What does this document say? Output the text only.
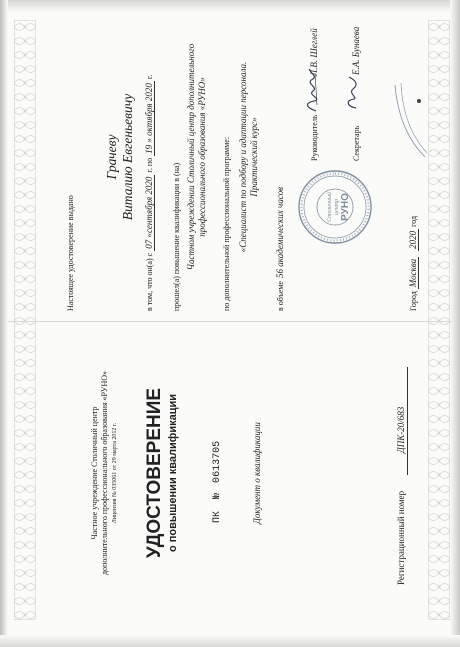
Частное учреждение Столичный центр дополнительного профессионального образования «РУНО» Лицензия № 035061 от 29 марта 2012 г. УДОСТОВЕРЕНИЕ о повышении квалификации	ПК № 0613705	Документ о квалификации
Регистрационный номер
ДПК-20/683
Настоящее удостоверение выдано
Грачеву Виталию Евгеньевичу
в том, что он(а) с 07 «сентября 2020 г. по 19 » октября 2020 г.
прошел(а) повышение квалификации в (на) Частном учреждении Столичный центр дополнительного профессионального образования «РУНО» по дополнительной профессиональной программе: «Специалист по подбору и адаптации персонала. Практический курс»
в объеме
56 академических часов	Столичный центр РУНО
Руководитель
Л.В. Шеглей
Секретарь
Е.А. Бунаева
Город Москва 2020 год
